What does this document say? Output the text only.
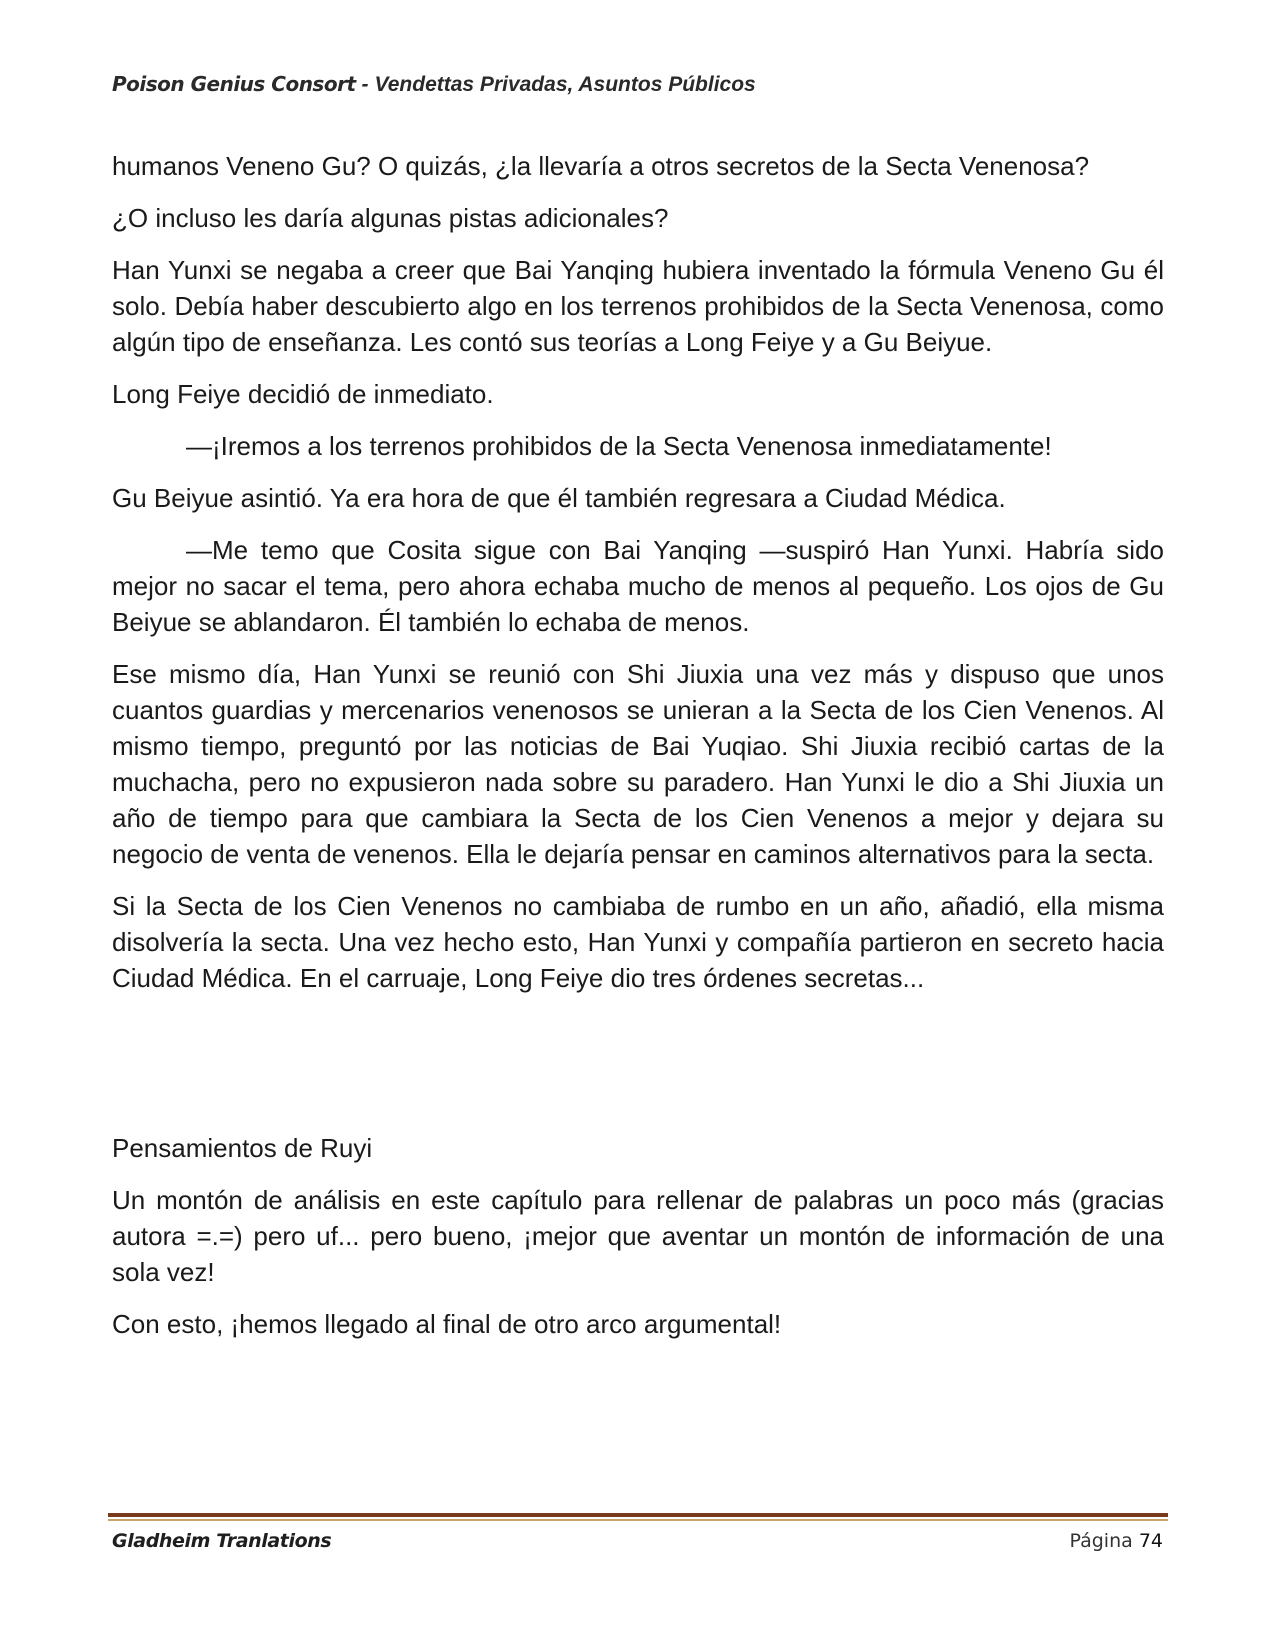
Poison Genius Consort - Vendettas Privadas, Asuntos Públicos

humanos Veneno Gu? O quizás, ¿la llevaría a otros secretos de la Secta Venenosa?

¿O incluso les daría algunas pistas adicionales?

Han Yunxi se negaba a creer que Bai Yanqing hubiera inventado la fórmula Veneno Gu él solo. Debía haber descubierto algo en los terrenos prohibidos de la Secta Venenosa, como algún tipo de enseñanza. Les contó sus teorías a Long Feiye y a Gu Beiyue.

Long Feiye decidió de inmediato.

—¡Iremos a los terrenos prohibidos de la Secta Venenosa inmediatamente!

Gu Beiyue asintió. Ya era hora de que él también regresara a Ciudad Médica.

—Me temo que Cosita sigue con Bai Yanqing —suspiró Han Yunxi. Habría sido mejor no sacar el tema, pero ahora echaba mucho de menos al pequeño. Los ojos de Gu Beiyue se ablandaron. Él también lo echaba de menos.

Ese mismo día, Han Yunxi se reunió con Shi Jiuxia una vez más y dispuso que unos cuantos guardias y mercenarios venenosos se unieran a la Secta de los Cien Venenos. Al mismo tiempo, preguntó por las noticias de Bai Yuqiao. Shi Jiuxia recibió cartas de la muchacha, pero no expusieron nada sobre su paradero. Han Yunxi le dio a Shi Jiuxia un año de tiempo para que cambiara la Secta de los Cien Venenos a mejor y dejara su negocio de venta de venenos. Ella le dejaría pensar en caminos alternativos para la secta.

Si la Secta de los Cien Venenos no cambiaba de rumbo en un año, añadió, ella misma disolvería la secta. Una vez hecho esto, Han Yunxi y compañía partieron en secreto hacia Ciudad Médica. En el carruaje, Long Feiye dio tres órdenes secretas...

Pensamientos de Ruyi

Un montón de análisis en este capítulo para rellenar de palabras un poco más (gracias autora =.=) pero uf... pero bueno, ¡mejor que aventar un montón de información de una sola vez!

Con esto, ¡hemos llegado al final de otro arco argumental!

Gladheim Tranlations	Página 74
